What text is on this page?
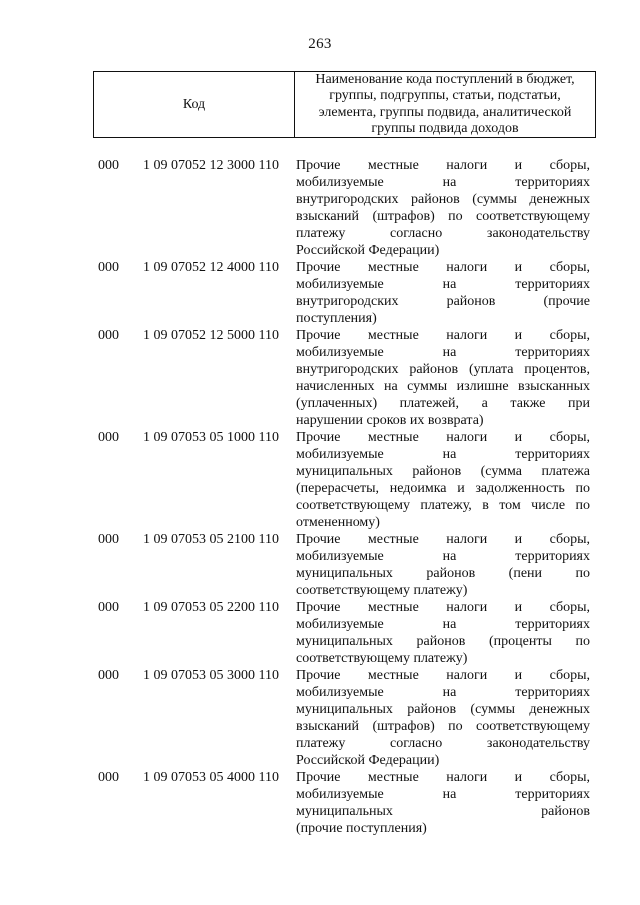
263
Код
Наименование кода поступлений в бюджет,
группы, подгруппы, статьи, подстатьи,
элемента, группы подвида, аналитической
группы подвида доходов
000	1 09 07052 12 3000 110	Прочие местные налоги и сборы,
мобилизуемые на территориях
внутригородских районов (суммы денежных
взысканий (штрафов) по соответствующему
платежу согласно законодательству
Российской Федерации)
000	1 09 07052 12 4000 110	Прочие местные налоги и сборы,
мобилизуемые на территориях
внутригородских районов (прочие
поступления)
000	1 09 07052 12 5000 110	Прочие местные налоги и сборы,
мобилизуемые на территориях
внутригородских районов (уплата процентов,
начисленных на суммы излишне взысканных
(уплаченных) платежей, а также при
нарушении сроков их возврата)
000	1 09 07053 05 1000 110	Прочие местные налоги и сборы,
мобилизуемые на территориях
муниципальных районов (сумма платежа
(перерасчеты, недоимка и задолженность по
соответствующему платежу, в том числе по
отмененному)
000	1 09 07053 05 2100 110	Прочие местные налоги и сборы,
мобилизуемые на территориях
муниципальных районов (пени по
соответствующему платежу)
000	1 09 07053 05 2200 110	Прочие местные налоги и сборы,
мобилизуемые на территориях
муниципальных районов (проценты по
соответствующему платежу)
000	1 09 07053 05 3000 110	Прочие местные налоги и сборы,
мобилизуемые на территориях
муниципальных районов (суммы денежных
взысканий (штрафов) по соответствующему
платежу согласно законодательству
Российской Федерации)
000	1 09 07053 05 4000 110	Прочие местные налоги и сборы,
мобилизуемые на территориях
муниципальных районов
(прочие поступления)
